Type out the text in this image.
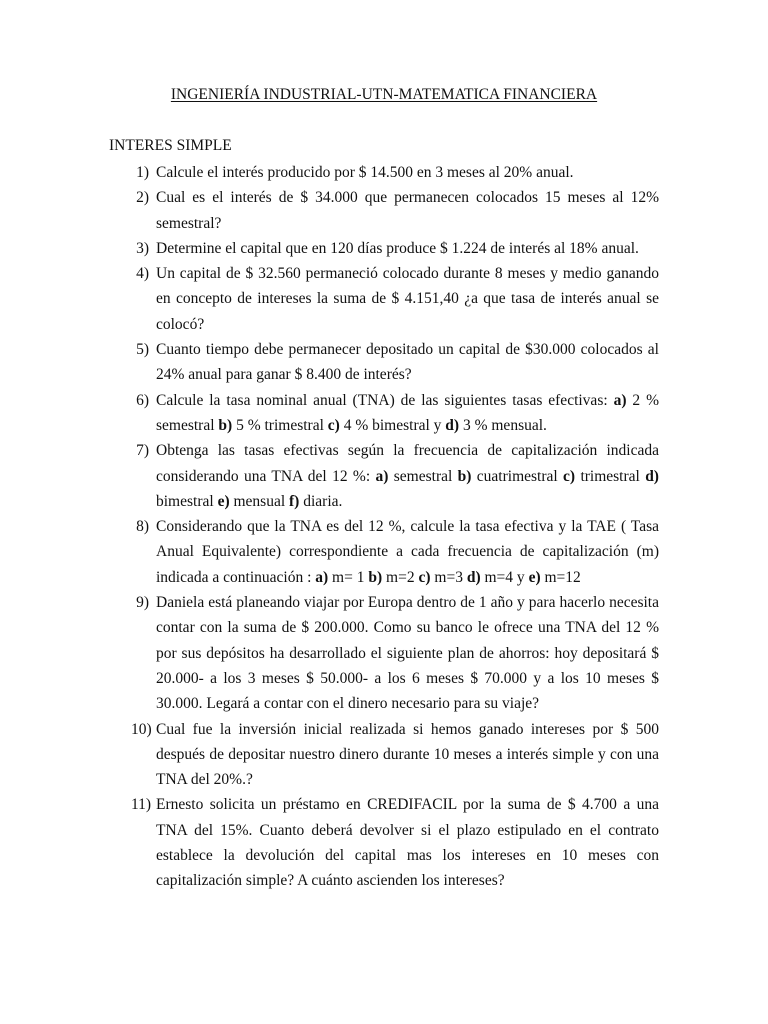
INGENIERÍA INDUSTRIAL-UTN-MATEMATICA FINANCIERA
INTERES SIMPLE
1) Calcule el interés producido por $ 14.500 en 3 meses al 20% anual.
2) Cual es el interés de $ 34.000 que permanecen colocados 15 meses al 12% semestral?
3) Determine el capital que en 120 días produce $ 1.224 de interés al 18% anual.
4) Un capital de $ 32.560 permaneció colocado durante 8 meses y medio ganando en concepto de intereses la suma de $ 4.151,40 ¿a que tasa de interés anual se colocó?
5) Cuanto tiempo debe permanecer depositado un capital de $30.000 colocados al 24% anual para ganar $ 8.400 de interés?
6) Calcule la tasa nominal anual (TNA) de las siguientes tasas efectivas: a) 2 % semestral b) 5 % trimestral c) 4 % bimestral y d) 3 % mensual.
7) Obtenga las tasas efectivas según la frecuencia de capitalización indicada considerando una TNA del 12 %: a) semestral b) cuatrimestral c) trimestral d) bimestral e) mensual f) diaria.
8) Considerando que la TNA es del 12 %, calcule la tasa efectiva y la TAE ( Tasa Anual Equivalente) correspondiente a cada frecuencia de capitalización (m) indicada a continuación : a) m= 1 b) m=2 c) m=3 d) m=4 y e) m=12
9) Daniela está planeando viajar por Europa dentro de 1 año y para hacerlo necesita contar con la suma de $ 200.000. Como su banco le ofrece una TNA del 12 % por sus depósitos ha desarrollado el siguiente plan de ahorros: hoy depositará $ 20.000- a los 3 meses $ 50.000- a los 6 meses $ 70.000 y a los 10 meses $ 30.000. Legará a contar con el dinero necesario para su viaje?
10) Cual fue la inversión inicial realizada si hemos ganado intereses por $ 500 después de depositar nuestro dinero durante 10 meses a interés simple y con una TNA del 20%.?
11) Ernesto solicita un préstamo en CREDIFACIL por la suma de $ 4.700 a una TNA del 15%. Cuanto deberá devolver si el plazo estipulado en el contrato establece la devolución del capital mas los intereses en 10 meses con capitalización simple? A cuánto ascienden los intereses?
